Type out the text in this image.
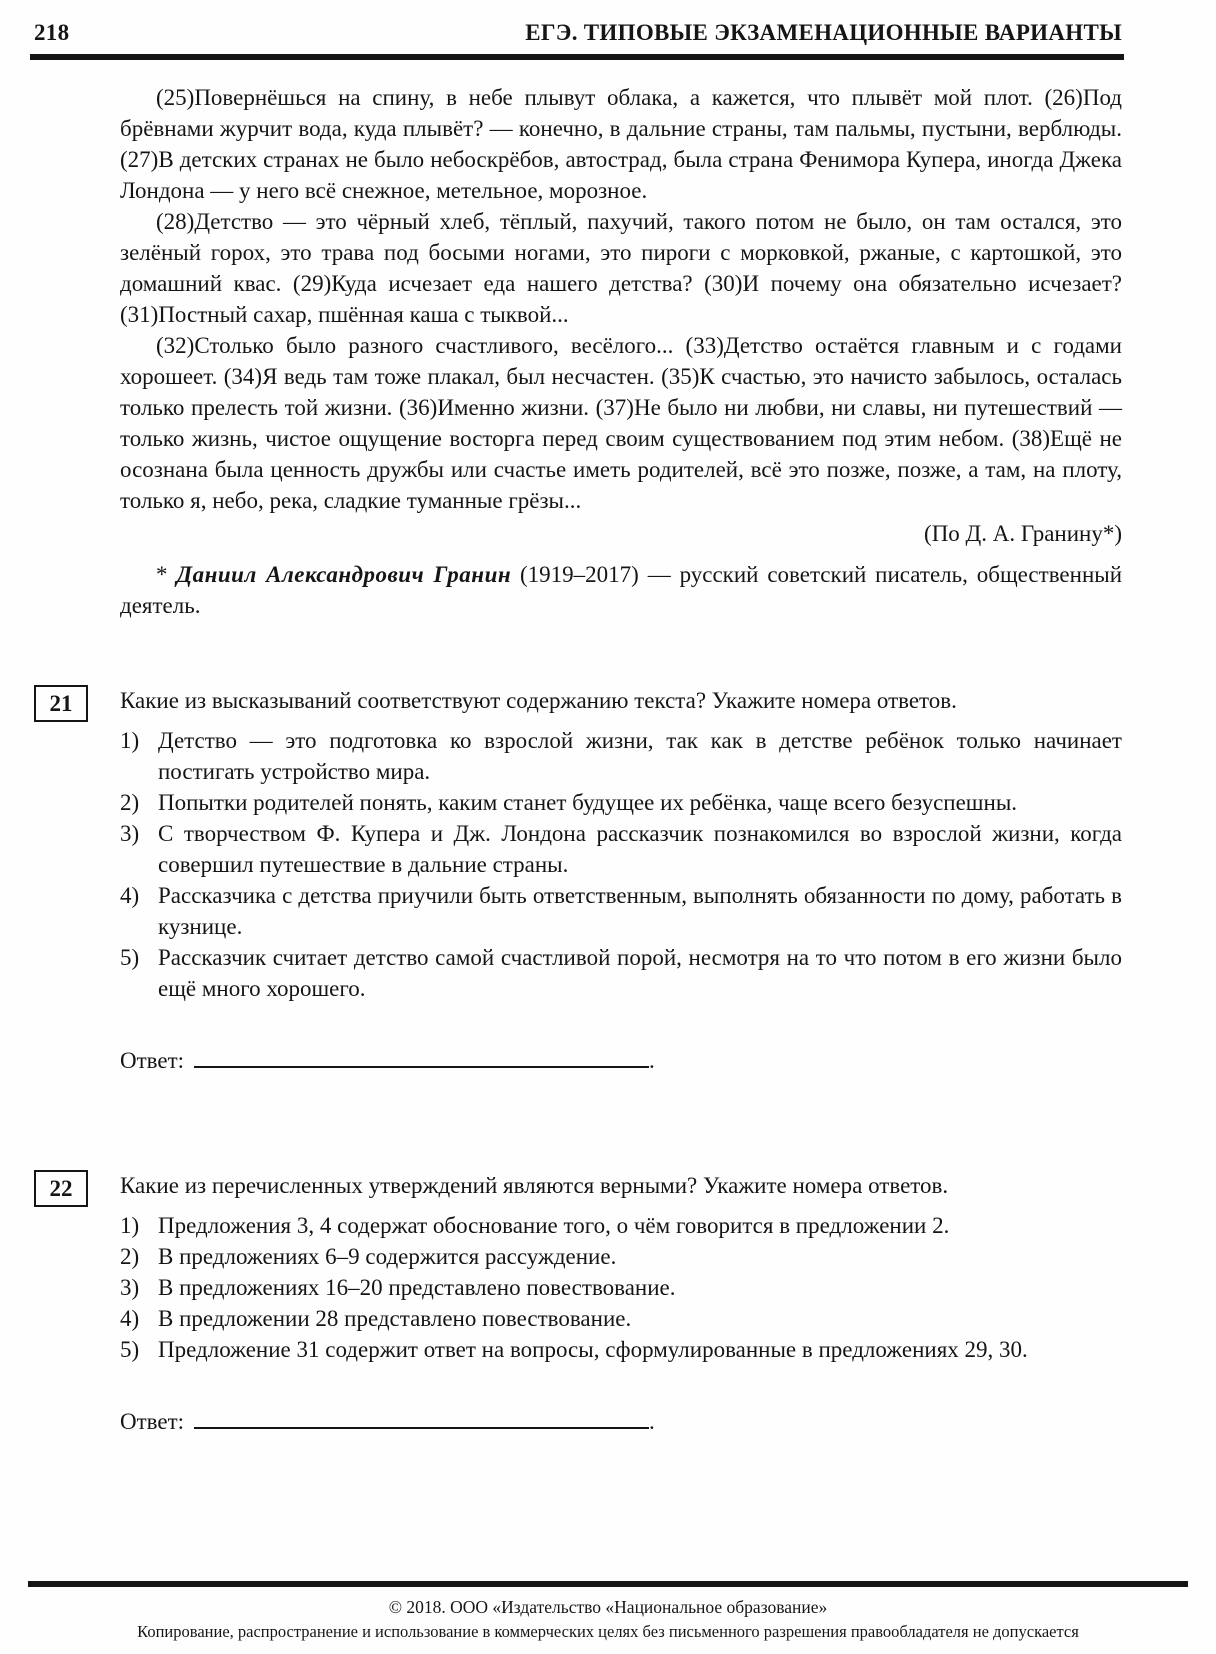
218	ЕГЭ. ТИПОВЫЕ ЭКЗАМЕНАЦИОННЫЕ ВАРИАНТЫ

(25)Повернёшься на спину, в небе плывут облака, а кажется, что плывёт мой плот. (26)Под брёвнами журчит вода, куда плывёт? — конечно, в дальние страны, там пальмы, пустыни, верблюды. (27)В детских странах не было небоскрёбов, автострад, была страна Фенимора Купера, иногда Джека Лондона — у него всё снежное, метельное, морозное.

(28)Детство — это чёрный хлеб, тёплый, пахучий, такого потом не было, он там остался, это зелёный горох, это трава под босыми ногами, это пироги с морковкой, ржаные, с картошкой, это домашний квас. (29)Куда исчезает еда нашего детства? (30)И почему она обязательно исчезает? (31)Постный сахар, пшённая каша с тыквой...

(32)Столько было разного счастливого, весёлого... (33)Детство остаётся главным и с годами хорошеет. (34)Я ведь там тоже плакал, был несчастен. (35)К счастью, это начисто забылось, осталась только прелесть той жизни. (36)Именно жизни. (37)Не было ни любви, ни славы, ни путешествий — только жизнь, чистое ощущение восторга перед своим существованием под этим небом. (38)Ещё не осознана была ценность дружбы или счастье иметь родителей, всё это позже, позже, а там, на плоту, только я, небо, река, сладкие туманные грёзы...

(По Д. А. Гранину*)

* Даниил Александрович Гранин (1919–2017) — русский советский писатель, общественный деятель.

21	Какие из высказываний соответствуют содержанию текста? Укажите номера ответов.
1) Детство — это подготовка ко взрослой жизни, так как в детстве ребёнок только начинает постигать устройство мира.
2) Попытки родителей понять, каким станет будущее их ребёнка, чаще всего безуспешны.
3) С творчеством Ф. Купера и Дж. Лондона рассказчик познакомился во взрослой жизни, когда совершил путешествие в дальние страны.
4) Рассказчика с детства приучили быть ответственным, выполнять обязанности по дому, работать в кузнице.
5) Рассказчик считает детство самой счастливой порой, несмотря на то что потом в его жизни было ещё много хорошего.
Ответ:	.
22	Какие из перечисленных утверждений являются верными? Укажите номера ответов.
1) Предложения 3, 4 содержат обоснование того, о чём говорится в предложении 2.
2) В предложениях 6–9 содержится рассуждение.
3) В предложениях 16–20 представлено повествование.
4) В предложении 28 представлено повествование.
5) Предложение 31 содержит ответ на вопросы, сформулированные в предложениях 29, 30.
Ответ:	.
© 2018. ООО «Издательство «Национальное образование»
Копирование, распространение и использование в коммерческих целях без письменного разрешения правообладателя не допускается
